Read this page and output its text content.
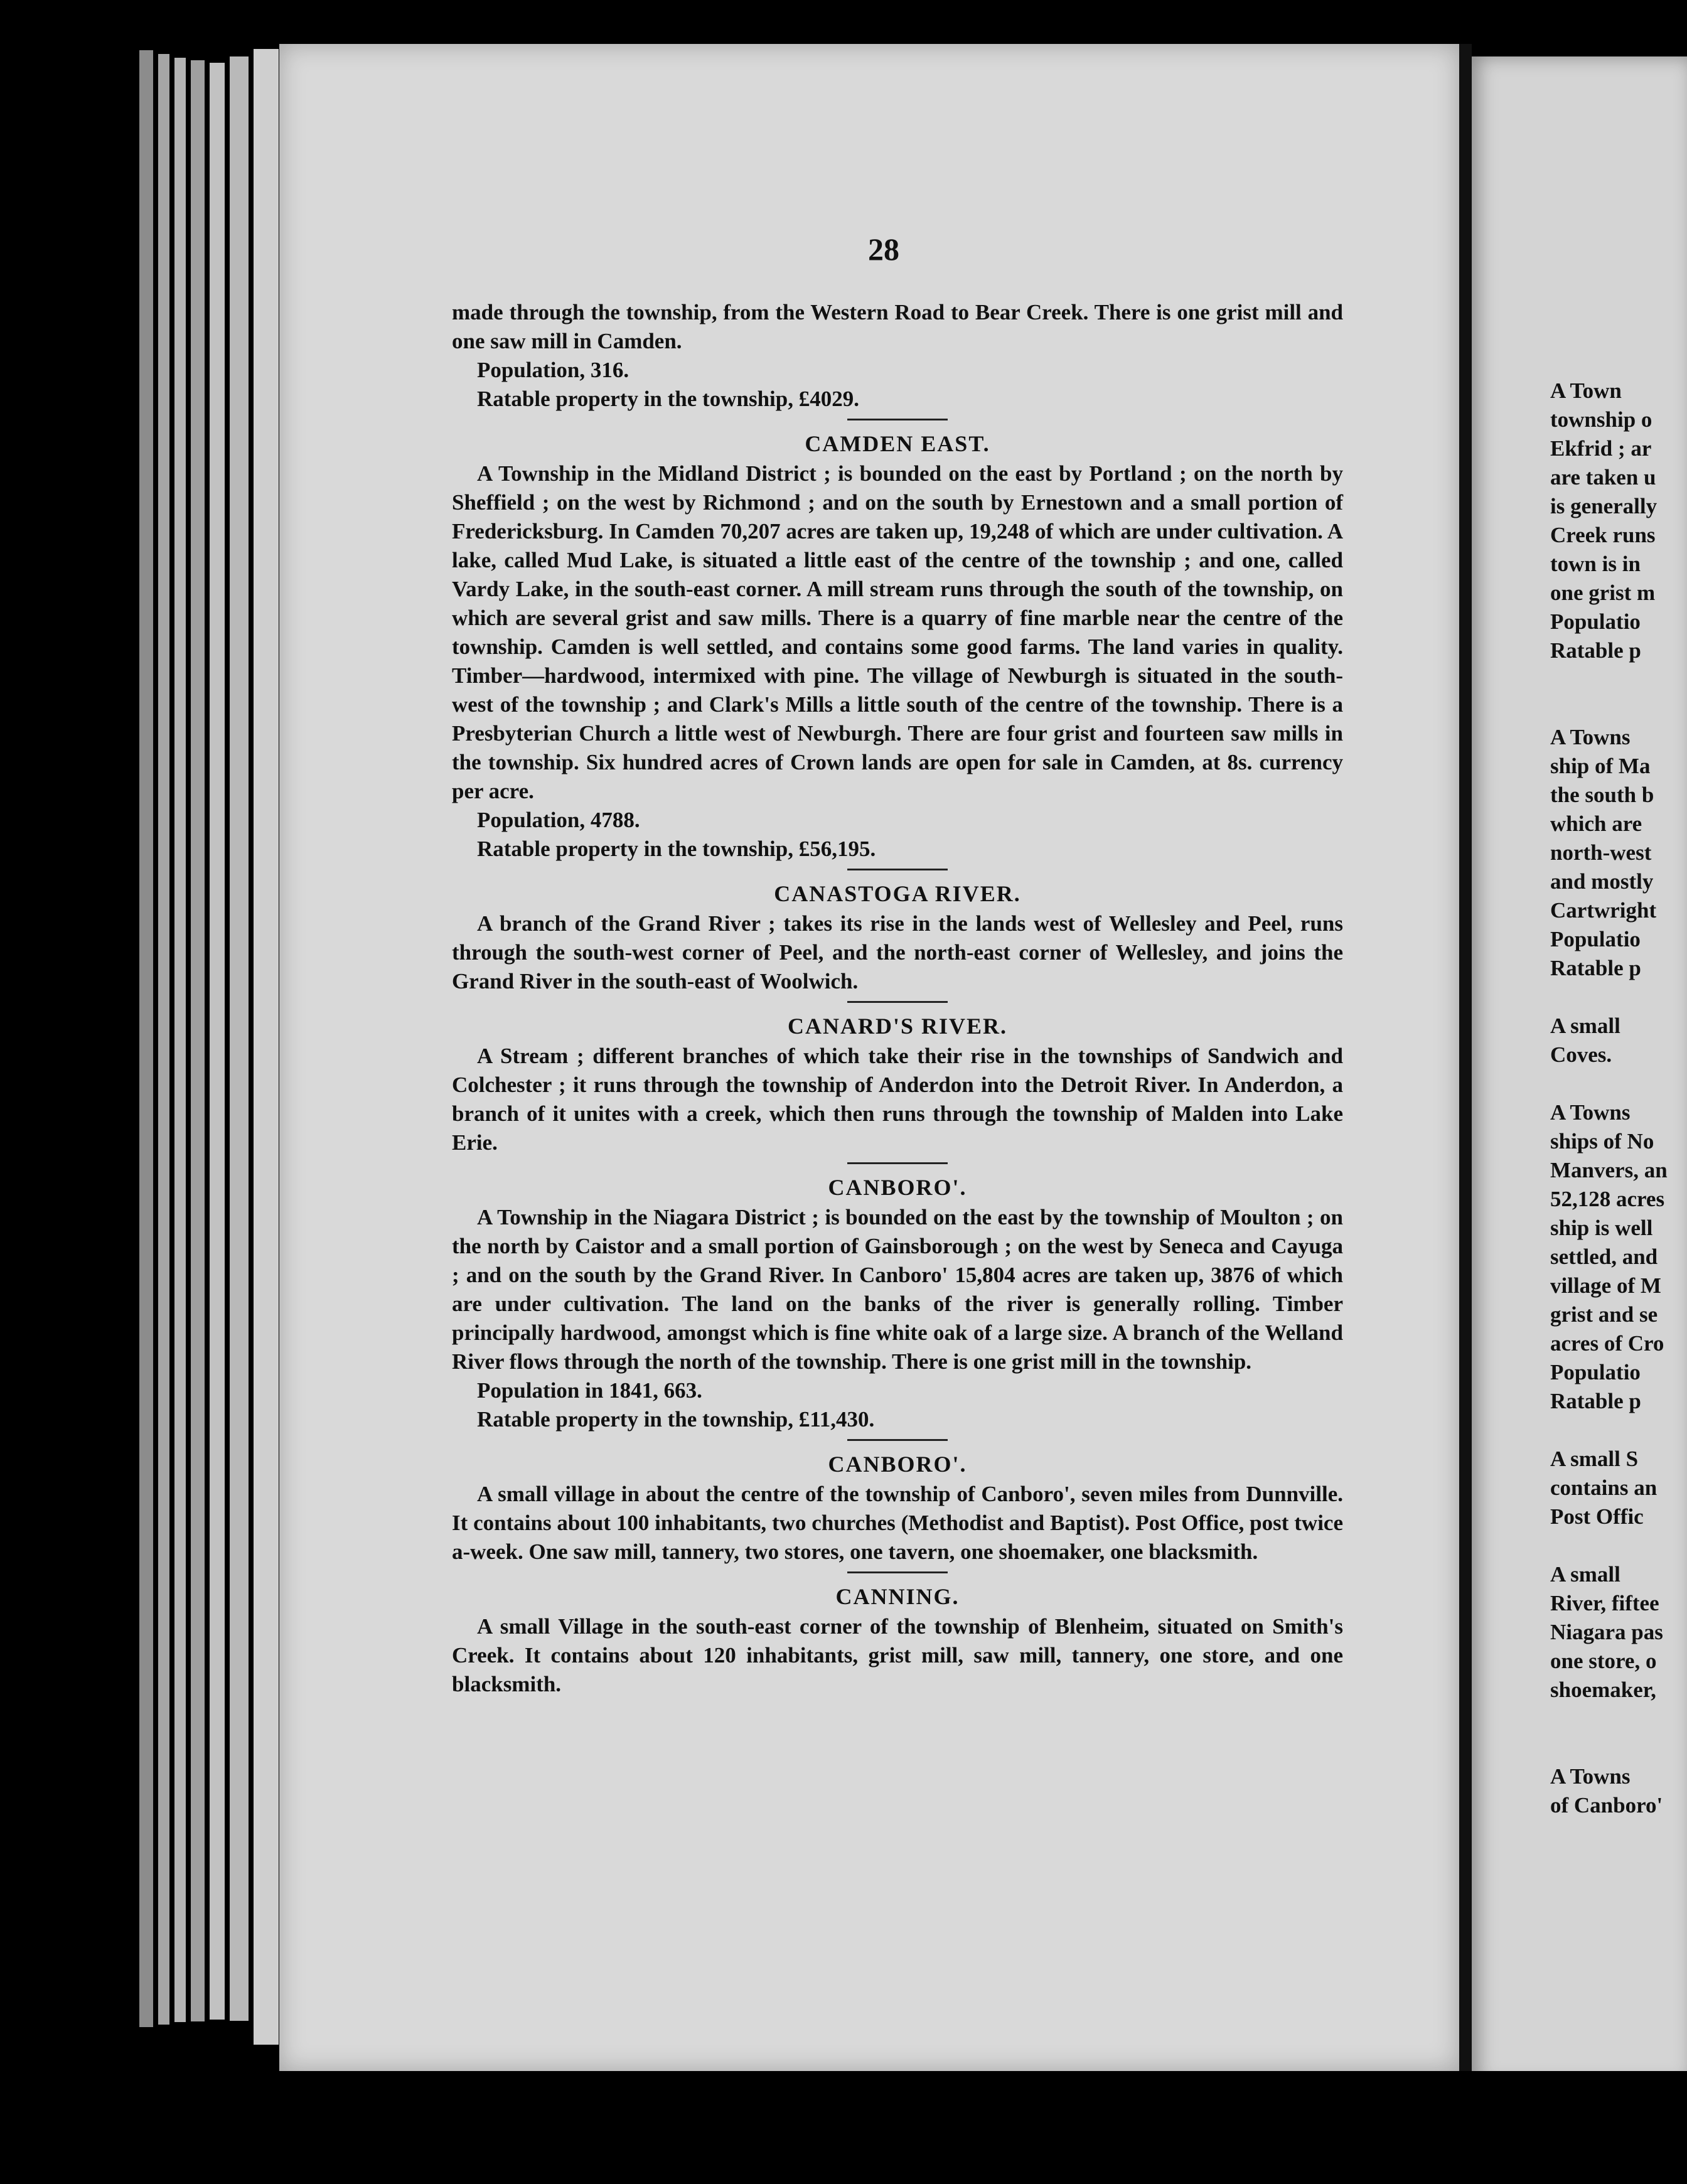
28

made through the township, from the Western Road to Bear Creek. There is one grist mill and one saw mill in Camden.

Population, 316.

Ratable property in the township, £4029.

CAMDEN EAST.

A Township in the Midland District ; is bounded on the east by Portland ; on the north by Sheffield ; on the west by Richmond ; and on the south by Ernestown and a small portion of Fredericksburg. In Camden 70,207 acres are taken up, 19,248 of which are under cultivation. A lake, called Mud Lake, is situated a little east of the centre of the township ; and one, called Vardy Lake, in the south-east corner. A mill stream runs through the south of the township, on which are several grist and saw mills. There is a quarry of fine marble near the centre of the township. Camden is well settled, and contains some good farms. The land varies in quality. Timber—hardwood, intermixed with pine. The village of Newburgh is situated in the south-west of the township ; and Clark's Mills a little south of the centre of the township. There is a Presbyterian Church a little west of Newburgh. There are four grist and fourteen saw mills in the township. Six hundred acres of Crown lands are open for sale in Camden, at 8s. currency per acre.

Population, 4788.

Ratable property in the township, £56,195.

CANASTOGA RIVER.

A branch of the Grand River ; takes its rise in the lands west of Wellesley and Peel, runs through the south-west corner of Peel, and the north-east corner of Wellesley, and joins the Grand River in the south-east of Woolwich.

CANARD'S RIVER.

A Stream ; different branches of which take their rise in the townships of Sandwich and Colchester ; it runs through the township of Anderdon into the Detroit River. In Anderdon, a branch of it unites with a creek, which then runs through the township of Malden into Lake Erie.

CANBORO'.

A Township in the Niagara District ; is bounded on the east by the township of Moulton ; on the north by Caistor and a small portion of Gainsborough ; on the west by Seneca and Cayuga ; and on the south by the Grand River. In Canboro' 15,804 acres are taken up, 3876 of which are under cultivation. The land on the banks of the river is generally rolling. Timber principally hardwood, amongst which is fine white oak of a large size. A branch of the Welland River flows through the north of the township. There is one grist mill in the township.

Population in 1841, 663.

Ratable property in the township, £11,430.

CANBORO'.

A small village in about the centre of the township of Canboro', seven miles from Dunnville. It contains about 100 inhabitants, two churches (Methodist and Baptist). Post Office, post twice a-week. One saw mill, tannery, two stores, one tavern, one shoemaker, one blacksmith.

CANNING.

A small Village in the south-east corner of the township of Blenheim, situated on Smith's Creek. It contains about 120 inhabitants, grist mill, saw mill, tannery, one store, and one blacksmith.

A Town

township o

Ekfrid ; ar

are taken u

is generally

Creek runs

town is in

one grist m

Populatio

Ratable p

A Towns

ship of Ma

the south b

which are

north-west

and mostly

Cartwright

Populatio

Ratable p

A small

Coves.

A Towns

ships of No

Manvers, an

52,128 acres

ship is well

settled, and

village of M

grist and se

acres of Cro

Populatio

Ratable p

A small S

contains an

Post Offic

A small

River, fiftee

Niagara pas

one store, o

shoemaker,

A Towns

of Canboro'
